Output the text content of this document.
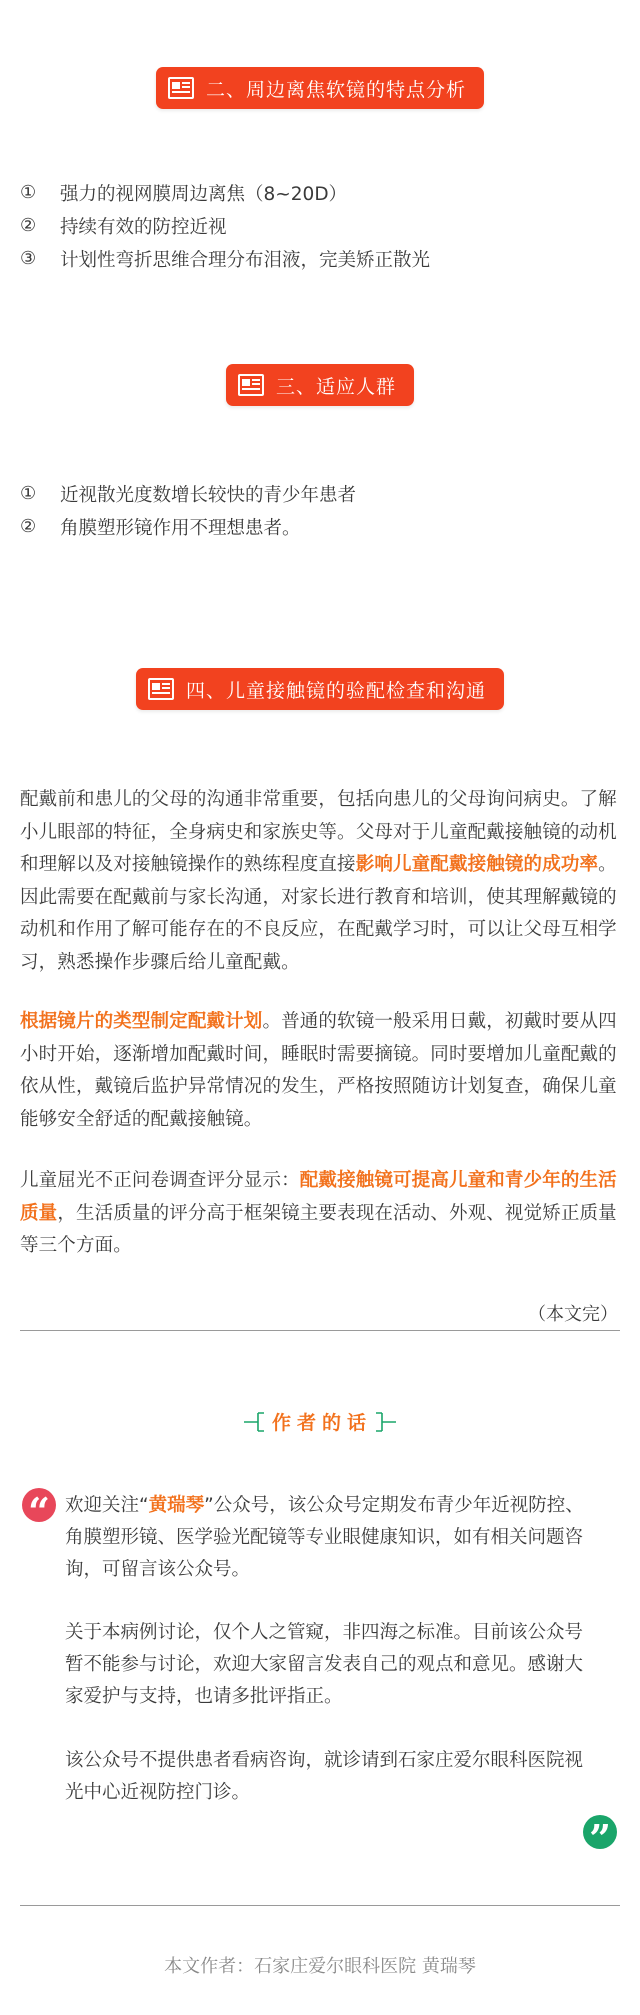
二、周边离焦软镜的特点分析
①	强力的视网膜周边离焦（8~20D）
②	持续有效的防控近视
③	计划性弯折思维合理分布泪液，完美矫正散光
三、适应人群
①	近视散光度数增长较快的青少年患者
②	角膜塑形镜作用不理想患者。
四、儿童接触镜的验配检查和沟通
配戴前和患儿的父母的沟通非常重要，包括向患儿的父母询问病史。了解小儿眼部的特征，全身病史和家族史等。父母对于儿童配戴接触镜的动机和理解以及对接触镜操作的熟练程度直接影响儿童配戴接触镜的成功率。因此需要在配戴前与家长沟通，对家长进行教育和培训，使其理解戴镜的动机和作用了解可能存在的不良反应，在配戴学习时，可以让父母互相学习，熟悉操作步骤后给儿童配戴。
根据镜片的类型制定配戴计划。普通的软镜一般采用日戴，初戴时要从四小时开始，逐渐增加配戴时间，睡眠时需要摘镜。同时要增加儿童配戴的依从性，戴镜后监护异常情况的发生，严格按照随访计划复查，确保儿童能够安全舒适的配戴接触镜。
儿童屈光不正问卷调查评分显示：配戴接触镜可提高儿童和青少年的生活质量，生活质量的评分高于框架镜主要表现在活动、外观、视觉矫正质量等三个方面。
（本文完）
作者的话
“ 欢迎关注“黄瑞琴”公众号，该公众号定期发布青少年近视防控、角膜塑形镜、医学验光配镜等专业眼健康知识，如有相关问题咨询，可留言该公众号。
关于本病例讨论，仅个人之管窥，非四海之标准。目前该公众号暂不能参与讨论，欢迎大家留言发表自己的观点和意见。感谢大家爱护与支持，也请多批评指正。
该公众号不提供患者看病咨询，就诊请到石家庄爱尔眼科医院视光中心近视防控门诊。
”
本文作者：石家庄爱尔眼科医院 黄瑞琴
